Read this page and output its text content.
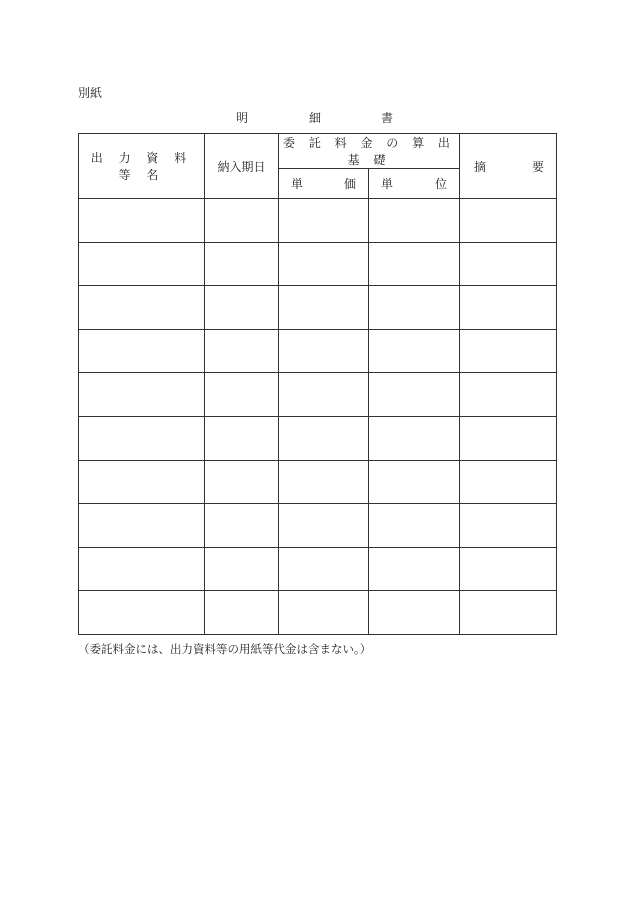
別紙
明	細	書
出 力 資 料 等 名	納入期日	委 託 料 金 の 算 出 基 礎		摘 要

		単 価	単 位	

（委託料金には、出力資料等の用紙等代金は含まない。）
